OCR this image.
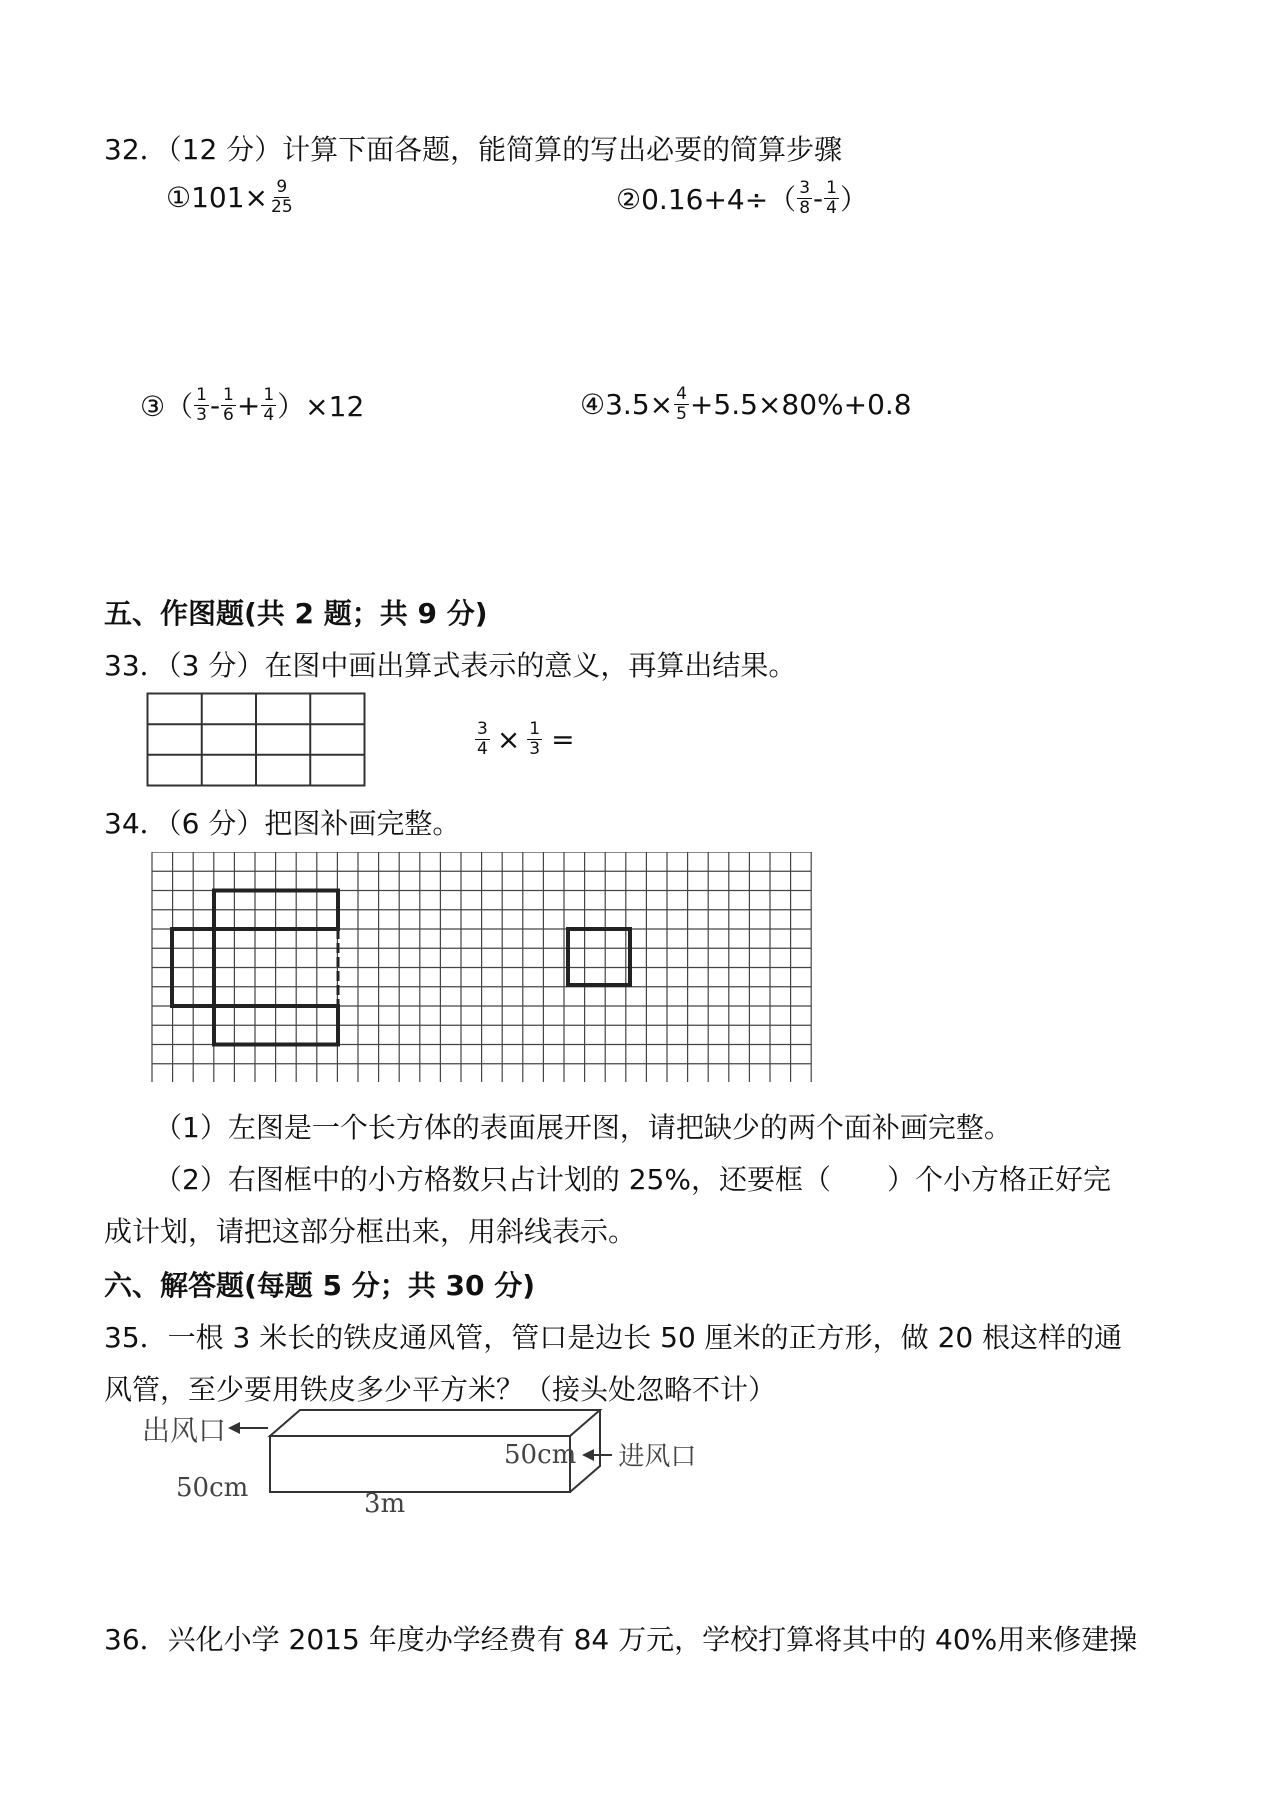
32．（12 分）计算下面各题，能简算的写出必要的简算步骤
①101× $\frac{9}{25}$	②0.16+4÷（ $\frac{3}{8} - \frac{1}{4}$ ）
③（ $\frac{1}{3} - \frac{1}{6} + \frac{1}{4} )\times 12$	④3.5× $\frac{4}{5} +5.5\times 80\%+0.8$
五、作图题(共 2 题；共 9 分)
33．（3 分）在图中画出算式表示的意义，再算出结果。
$\frac{3}{4} \times \frac{1}{3}$ =
34．（6 分）把图补画完整。
（1）左图是一个长方体的表面展开图，请把缺少的两个面补画完整。
（2）右图框中的小方格数只占计划的 25%，还要框（　　）个小方格正好完
成计划，请把这部分框出来，用斜线表示。
六、解答题(每题 5 分；共 30 分)
35．一根 3 米长的铁皮通风管，管口是边长 50 厘米的正方形，做 20 根这样的通
风管，至少要用铁皮多少平方米？（接头处忽略不计）
出风口
50cm
3m
50cm 进风口
36．兴化小学 2015 年度办学经费有 84 万元，学校打算将其中的 40%用来修建操
